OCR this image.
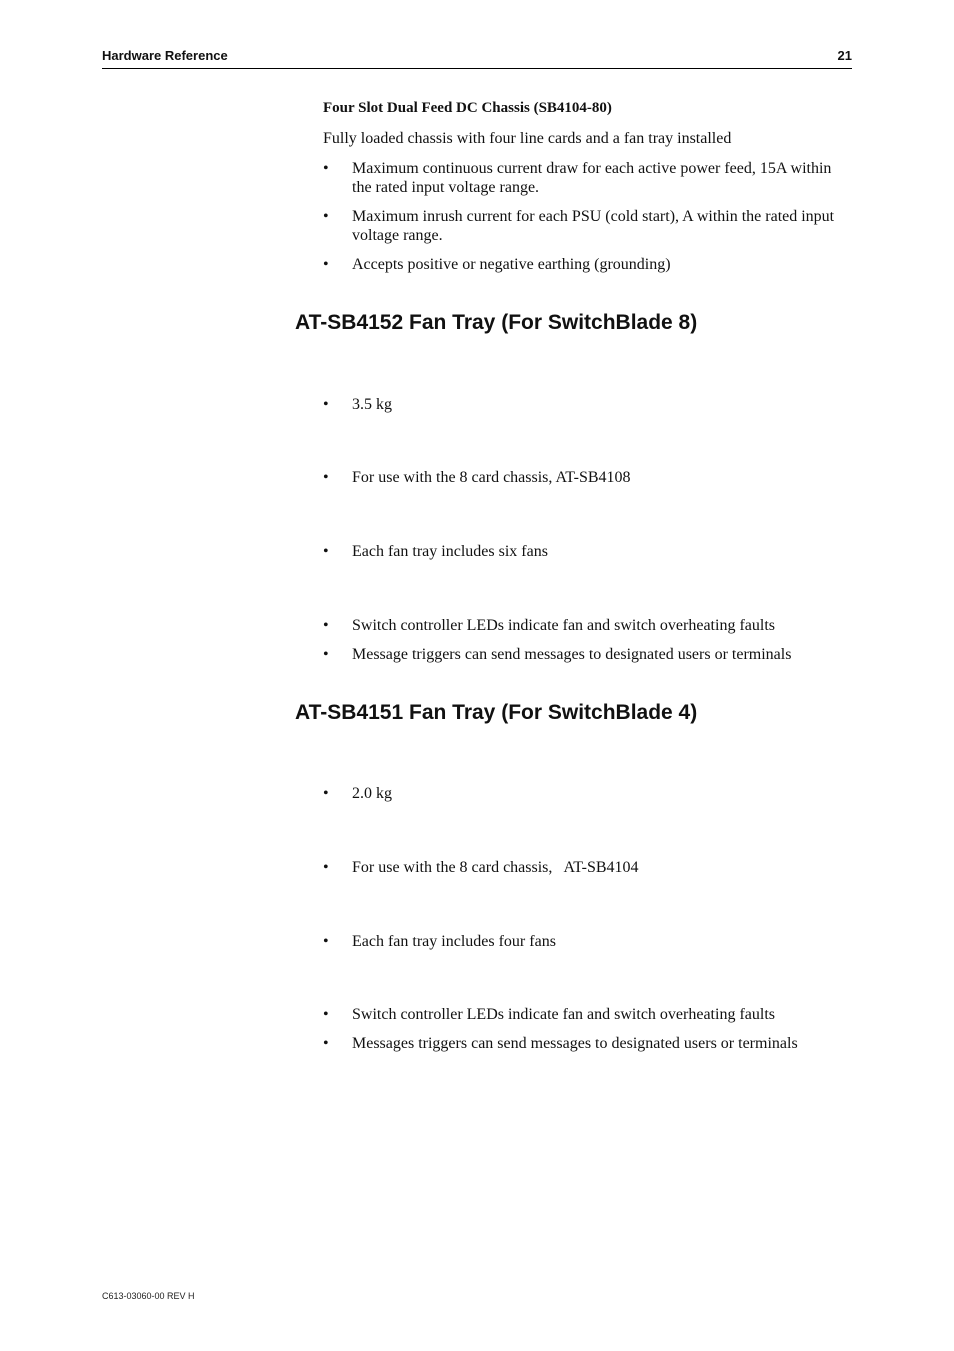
Hardware Reference	21
Four Slot Dual Feed DC Chassis (SB4104-80)
Fully loaded chassis with four line cards and a fan tray installed
• Maximum continuous current draw for each active power feed, 15A within the rated input voltage range.
• Maximum inrush current for each PSU (cold start), A within the rated input voltage range.
• Accepts positive or negative earthing (grounding)
AT-SB4152 Fan Tray (For SwitchBlade 8)
• 3.5 kg
• For use with the 8 card chassis, AT-SB4108
• Each fan tray includes six fans
• Switch controller LEDs indicate fan and switch overheating faults
• Message triggers can send messages to designated users or terminals
AT-SB4151 Fan Tray (For SwitchBlade 4)
• 2.0 kg
• For use with the 8 card chassis,   AT-SB4104
• Each fan tray includes four fans
• Switch controller LEDs indicate fan and switch overheating faults
• Messages triggers can send messages to designated users or terminals
C613-03060-00 REV H
